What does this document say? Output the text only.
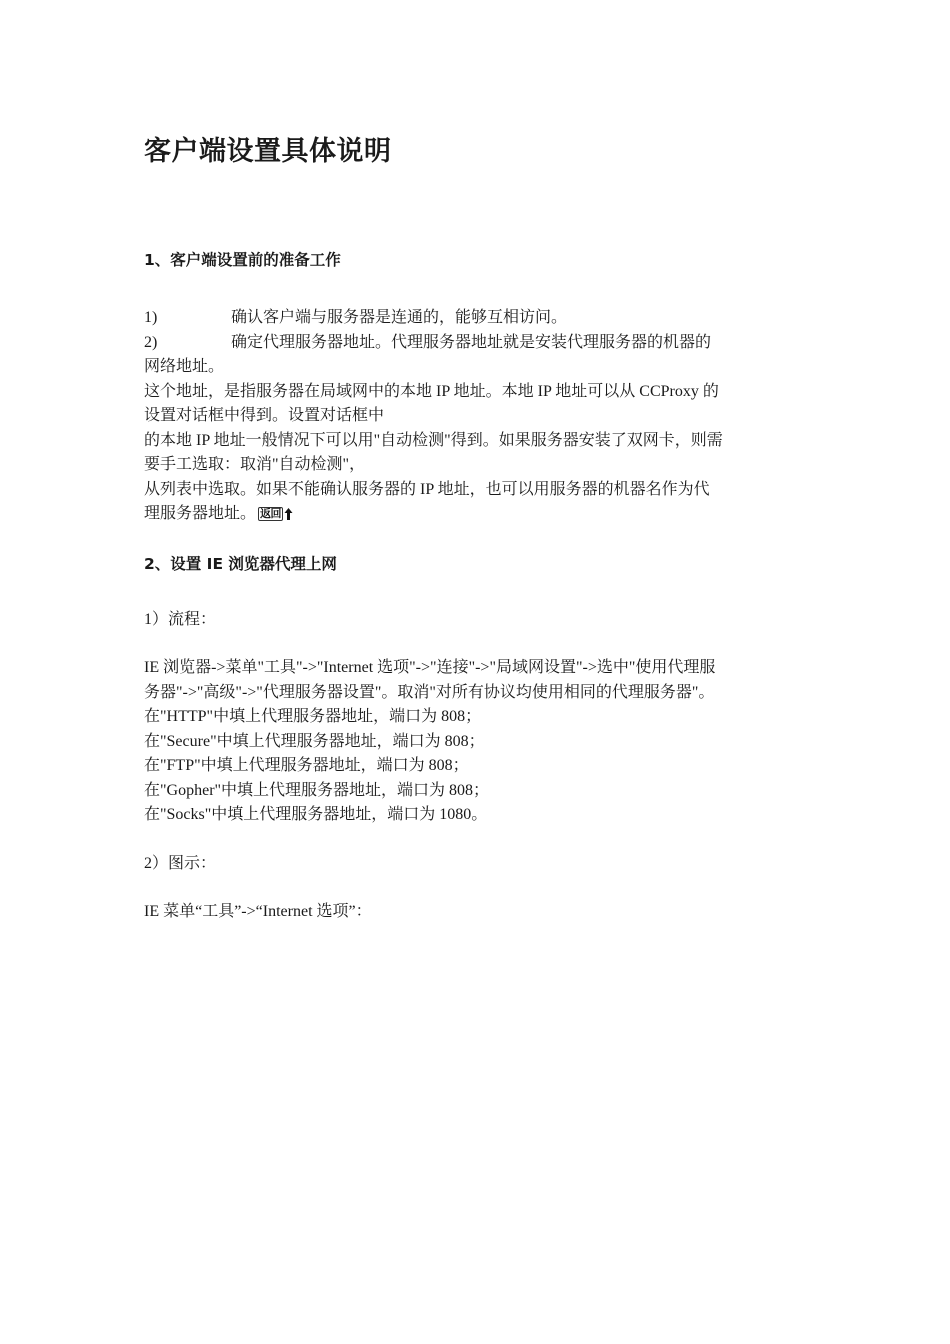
客户端设置具体说明
1、客户端设置前的准备工作
1)	确认客户端与服务器是连通的，能够互相访问。
2)	确定代理服务器地址。代理服务器地址就是安装代理服务器的机器的

网络地址。

这个地址，是指服务器在局域网中的本地 IP 地址。本地 IP 地址可以从 CCProxy 的

设置对话框中得到。设置对话框中

的本地 IP 地址一般情况下可以用"自动检测"得到。如果服务器安装了双网卡，则需

要手工选取：取消"自动检测"，

从列表中选取。如果不能确认服务器的 IP 地址，也可以用服务器的机器名作为代

理服务器地址。 返回

2、设置 IE 浏览器代理上网

1）流程：

IE 浏览器->菜单"工具"->"Internet 选项"->"连接"->"局域网设置"->选中"使用代理服

务器"->"高级"->"代理服务器设置"。取消"对所有协议均使用相同的代理服务器"。

在"HTTP"中填上代理服务器地址，端口为 808；

在"Secure"中填上代理服务器地址，端口为 808；

在"FTP"中填上代理服务器地址，端口为 808；

在"Gopher"中填上代理服务器地址，端口为 808；

在"Socks"中填上代理服务器地址，端口为 1080。

2）图示：

IE 菜单“工具”->“Internet 选项”：
